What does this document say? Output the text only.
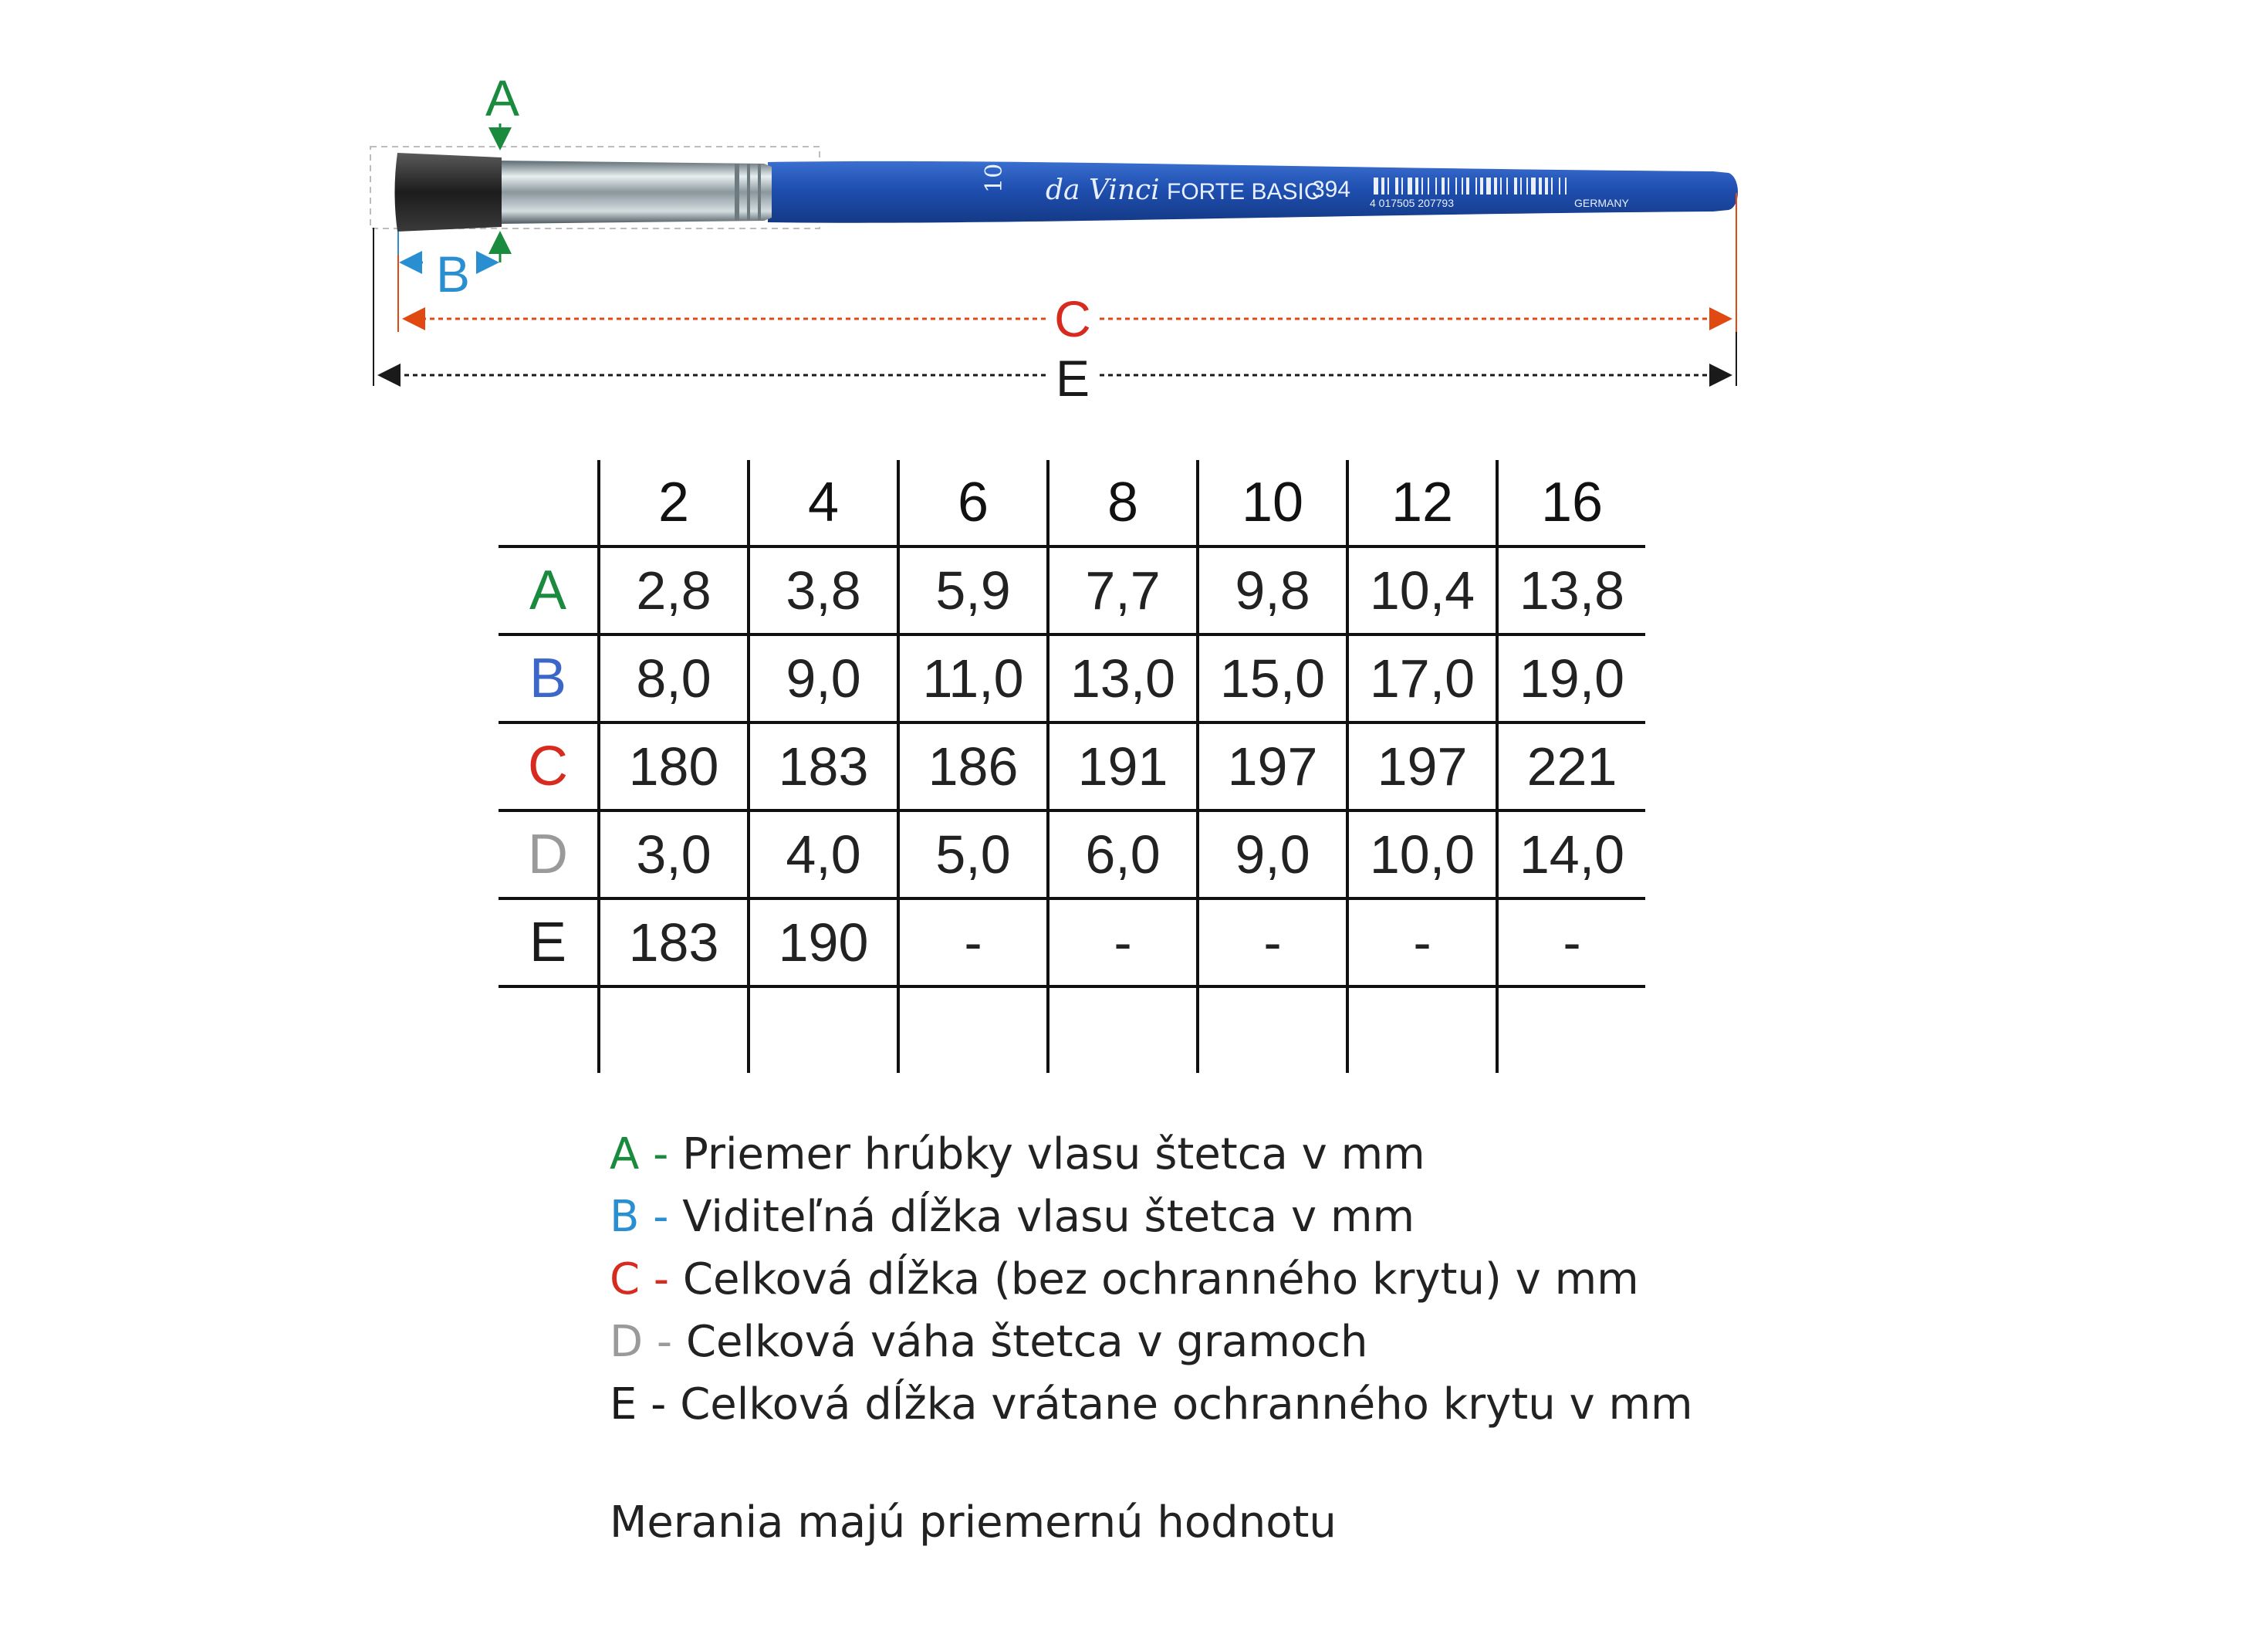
10 da Vinci FORTE BASIC
394
4 017505 207793	GERMANY
A
B
C
E
	2	4	6	8	10	12	16
A	2,8	3,8	5,9	7,7	9,8	10,4	13,8
B	8,0	9,0	11,0	13,0	15,0	17,0	19,0
C	180	183	186	191	197	197	221
D	3,0	4,0	5,0	6,0	9,0	10,0	14,0
E	183	190	-	-	-	-	-

A - Priemer hrúbky vlasu štetca v mm
B - Viditeľná dĺžka vlasu štetca v mm
C - Celková dĺžka (bez ochranného krytu) v mm
D - Celková váha štetca v gramoch
E - Celková dĺžka vrátane ochranného krytu v mm
Merania majú priemernú hodnotu
